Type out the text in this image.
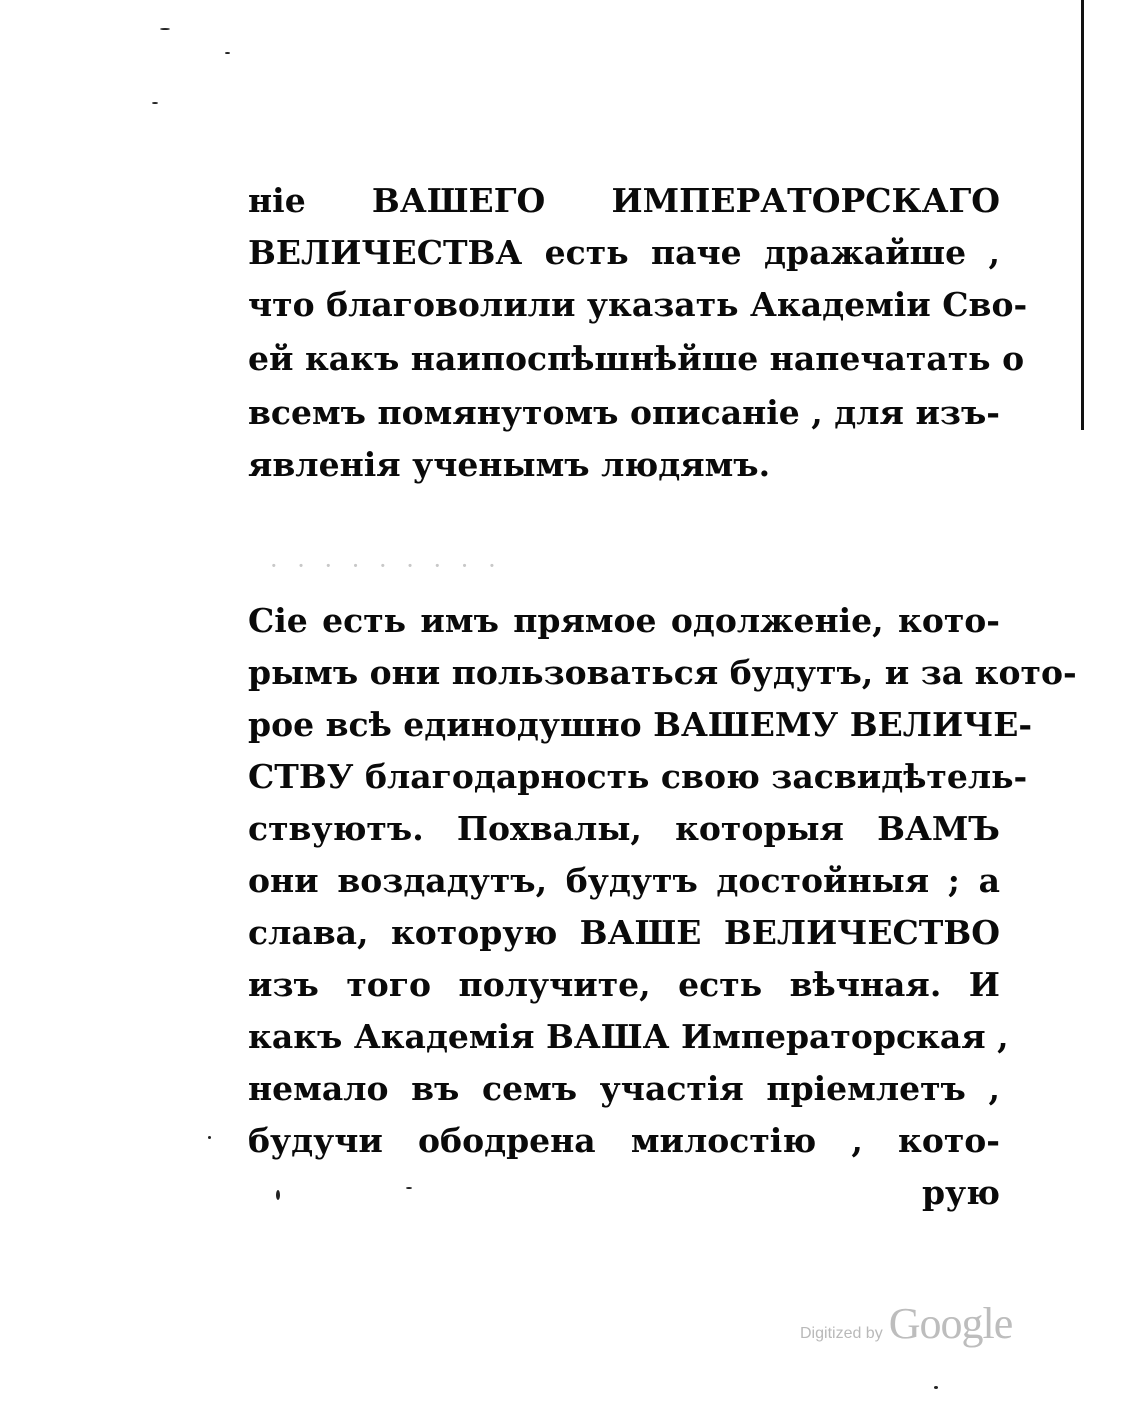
ніе ВАШЕГО ИМПЕРАТОРСКАГО
ВЕЛИЧЕСТВА есть паче дражайше ,
что благоволили указать Академіи Сво-
ей какъ наипоспѣшнѣйше напечатать о
всемъ помянутомъ описаніе , для изъ-
явленія ученымъ людямъ.
· · · · · · · · ·
Сіе есть имъ прямое одолженіе, кото-
рымъ они пользоваться будутъ, и за кото-
рое всѣ единодушно ВАШЕМУ ВЕЛИЧЕ-
СТВУ благодарность свою засвидѣтель-
ствуютъ. Похвалы, которыя ВАМЪ
они воздадутъ, будутъ достойныя ; а
слава, которую ВАШЕ ВЕЛИЧЕСТВО
изъ того получите, есть вѣчная. И
какъ Академія ВАША Императорская ,
немало въ семъ участія пріемлетъ ,
будучи ободрена милостію , кото-
рую
Digitized by Google
